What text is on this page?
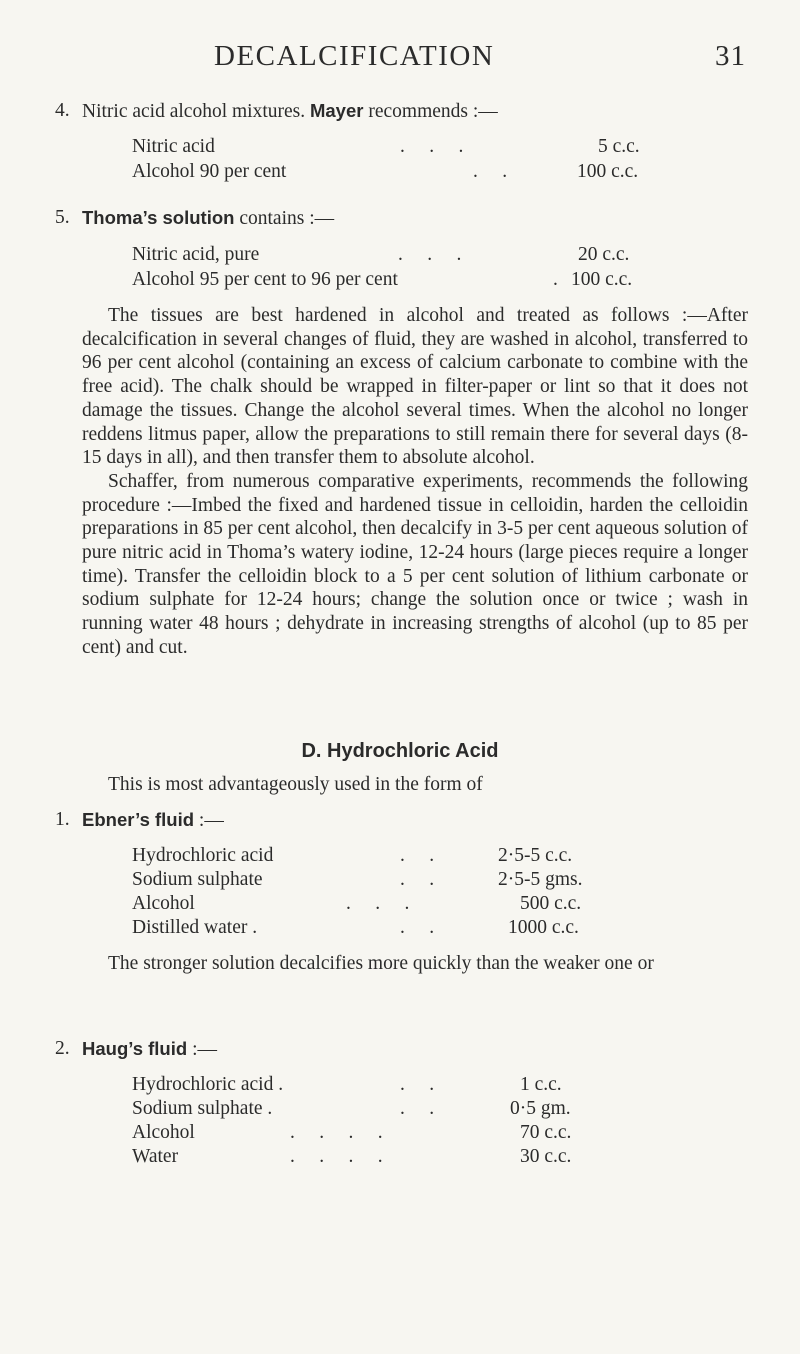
DECALCIFICATION	31
4. Nitric acid alcohol mixtures. Mayer recommends :—
Nitric acid	.     .     .	5 c.c.
Alcohol 90 per cent	.     .	100 c.c.
5. Thoma’s solution contains :—
Nitric acid, pure	.     .     .	20 c.c.
Alcohol 95 per cent to 96 per cent	. 100 c.c.

The tissues are best hardened in alcohol and treated as follows :—After decalcification in several changes of fluid, they are washed in alcohol, transferred to 96 per cent alcohol (containing an excess of calcium carbonate to combine with the free acid). The chalk should be wrapped in filter-paper or lint so that it does not damage the tissues. Change the alcohol several times. When the alcohol no longer reddens litmus paper, allow the preparations to still remain there for several days (8-15 days in all), and then transfer them to absolute alcohol.

Schaffer, from numerous comparative experiments, recommends the following procedure :—Imbed the fixed and hardened tissue in celloidin, harden the celloidin preparations in 85 per cent alcohol, then decalcify in 3-5 per cent aqueous solution of pure nitric acid in Thoma’s watery iodine, 12-24 hours (large pieces require a longer time). Transfer the celloidin block to a 5 per cent solution of lithium carbonate or sodium sulphate for 12-24 hours; change the solution once or twice ; wash in running water 48 hours ; dehydrate in increasing strengths of alcohol (up to 85 per cent) and cut.

D. Hydrochloric Acid
This is most advantageously used in the form of
1. Ebner’s fluid :—
Hydrochloric acid	.     .	2·5-5 c.c.
Sodium sulphate	.     .	2·5-5 gms.
Alcohol	.     .     .	500 c.c.
Distilled water .	.     .	1000 c.c.

The stronger solution decalcifies more quickly than the weaker one or

2. Haug’s fluid :—
Hydrochloric acid .	.     .	1 c.c.
Sodium sulphate .	.     .	0·5 gm.
Alcohol	.     .     .     .	70 c.c.
Water	.     .     .     .	30 c.c.
